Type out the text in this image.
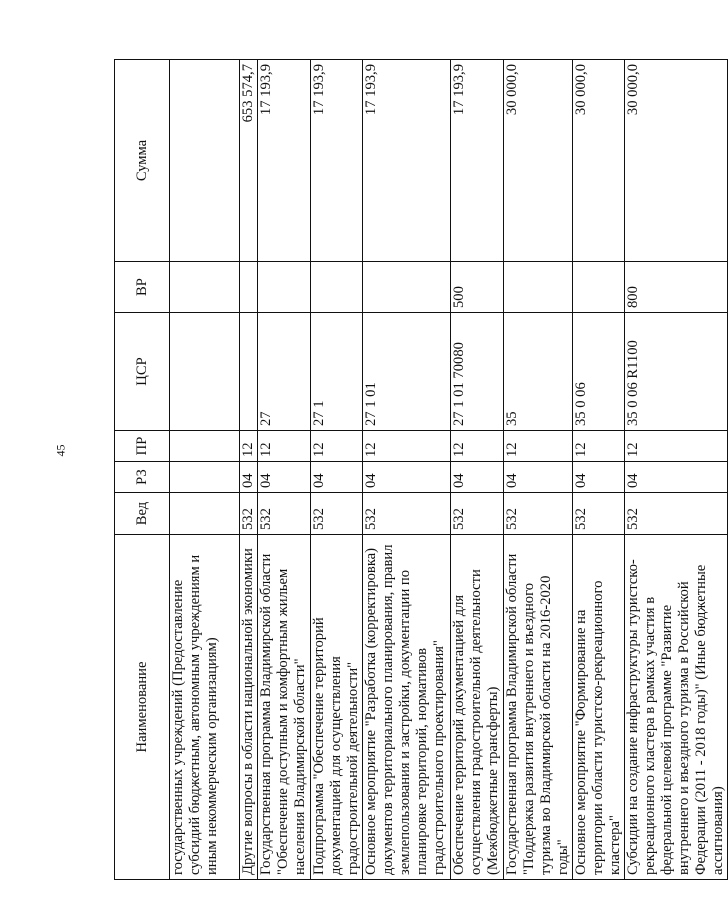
45
Наименование	Вед	РЗ	ПР	ЦСР	ВР	Сумма
государственных учреждений (Предоставление субсидий бюджетным, автономным учреждениям и иным некоммерческим организациям)						
Другие вопросы в области национальной экономики	532	04	12			653 574,7
Государственная программа Владимирской области "Обеспечение доступным и комфортным жильем населения Владимирской области"	532	04	12	27		17 193,9
Подпрограмма "Обеспечение территорий документацией для осуществления градостроительной деятельности"	532	04	12	27 1		17 193,9
Основное мероприятие "Разработка (корректировка) документов территориального планирования, правил землепользования и застройки, документации по планировке территорий, нормативов градостроительного проектирования"	532	04	12	27 1 01		17 193,9
Обеспечение территорий документацией для осуществления градостроительной деятельности (Межбюджетные трансферты)	532	04	12	27 1 01 70080	500	17 193,9
Государственная программа Владимирской области "Поддержка развития внутреннего и въездного туризма во Владимирской области на 2016-2020 годы"	532	04	12	35		30 000,0
Основное мероприятие "Формирование на территории области туристско-рекреационного кластера"	532	04	12	35 0 06		30 000,0
Субсидии на создание инфраструктуры туристско-рекреационного кластера в рамках участия в федеральной целевой программе "Развитие внутреннего и въездного туризма в Российской Федерации (2011 - 2018 годы)" (Иные бюджетные ассигнования)	532	04	12	35 0 06 R1100	800	30 000,0
